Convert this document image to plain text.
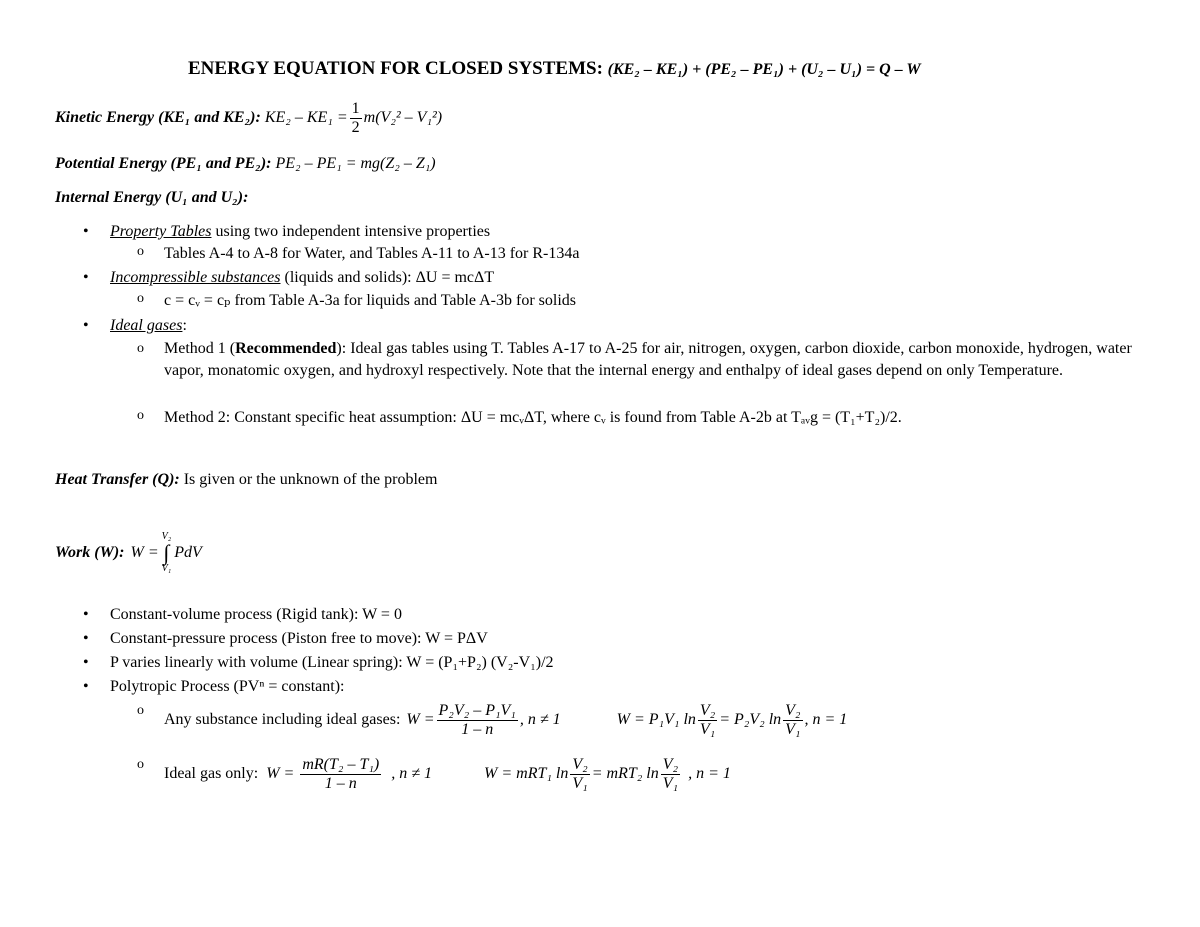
ENERGY EQUATION FOR CLOSED SYSTEMS: (KE₂ – KE₁) + (PE₂ – PE₁) + (U₂ – U₁) = Q – W
Kinetic Energy (KE₁ and KE₂): $KE_2 - KE_1 = \frac{1}{2} m(V_2^2 - V_1^2)$
Potential Energy (PE₁ and PE₂): PE₂ – PE₁ = mg(Z₂ – Z₁)
Internal Energy (U₁ and U₂):
• Property Tables using two independent intensive properties
o Tables A-4 to A-8 for Water, and Tables A-11 to A-13 for R-134a
• Incompressible substances (liquids and solids): ΔU = mcΔT
o c = cᵥ = cₚ from Table A-3a for liquids and Table A-3b for solids
• Ideal gases:
o Method 1 (Recommended): Ideal gas tables using T. Tables A-17 to A-25 for air, nitrogen, oxygen, carbon dioxide, carbon monoxide, hydrogen, water vapor, monatomic oxygen, and hydroxyl respectively. Note that the internal energy and enthalpy of ideal gases depend on only Temperature.
o Method 2: Constant specific heat assumption: ΔU = mcᵥΔT, where cᵥ is found from Table A-2b at Tₐᵥg = (T₁+T₂)/2.
Heat Transfer (Q): Is given or the unknown of the problem
Work (W): W =
V₂
∫
V₁
PdV
• Constant-volume process (Rigid tank): W = 0
• Constant-pressure process (Piston free to move): W = PΔV
• P varies linearly with volume (Linear spring): W = (P₁+P₂) (V₂-V₁)/2
• Polytropic Process (PVⁿ = constant):
o Any substance including ideal gases: $W = \frac{\text{P₂V₂ – P₁V₁}}{1 - n}$ , n ≠ 1	W = P₁V₁ $\ln \frac{\text{V₂}}{\text{V₁}} = P_2V_2$ $\ln \frac{\text{V₂}}{\text{V₁}}$ , n = 1
o Ideal gas only: $W = \frac{\text{mR(T₂ – T₁)}}{1 - n}$ , n ≠ 1	W = mRT₁ $\ln \frac{\text{V₂}}{\text{V₁}} = mRT_2$ $\ln \frac{\text{V₂}}{\text{V₁}}$ , n = 1
